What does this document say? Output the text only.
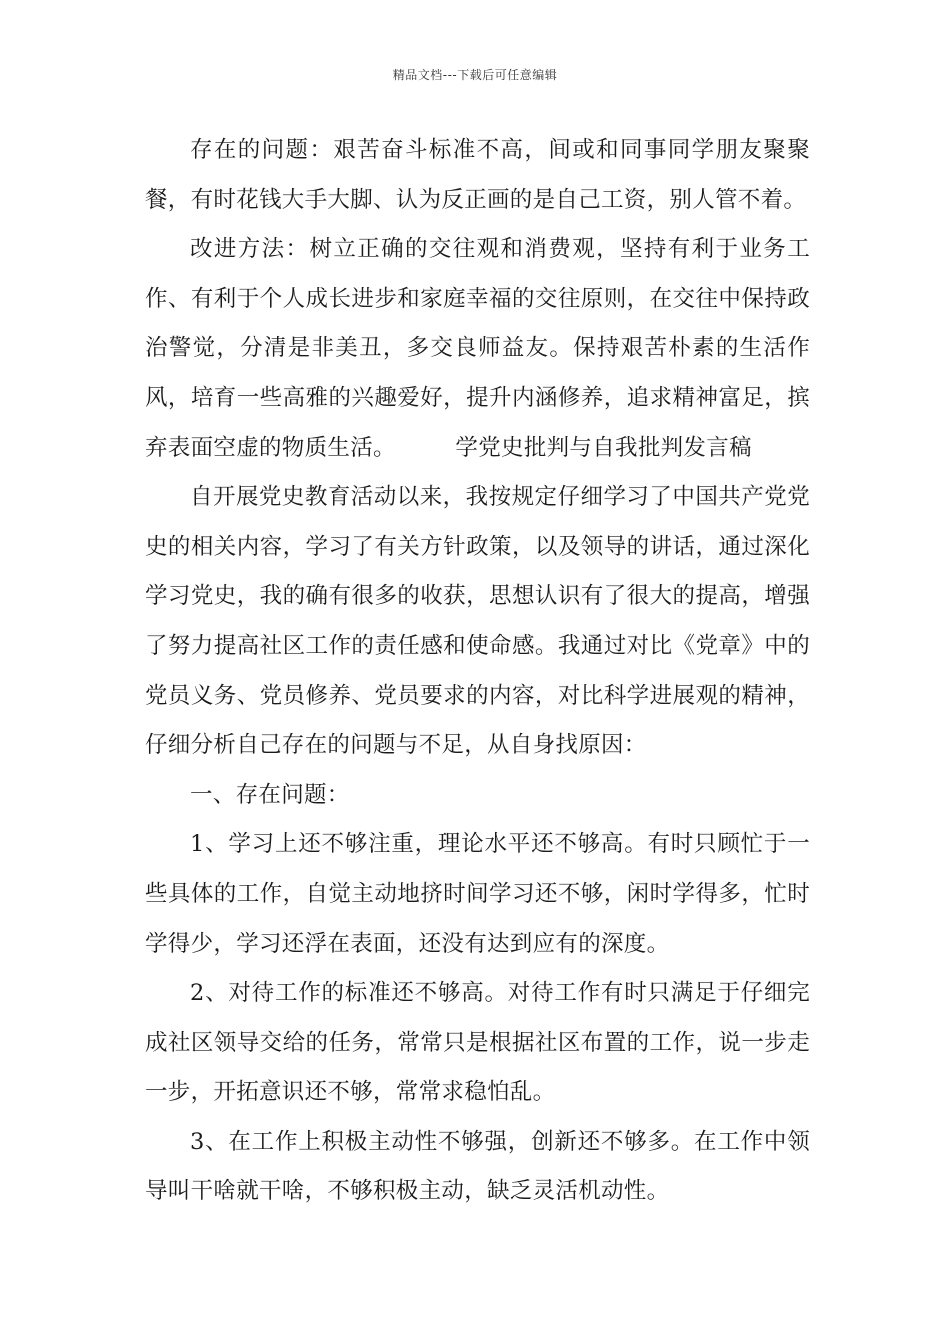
精品文档---下载后可任意编辑

存在的问题：艰苦奋斗标准不高，间或和同事同学朋友聚聚餐，有时花钱大手大脚、认为反正画的是自己工资，别人管不着。

改进方法：树立正确的交往观和消费观，坚持有利于业务工作、有利于个人成长进步和家庭幸福的交往原则，在交往中保持政治警觉，分清是非美丑，多交良师益友。保持艰苦朴素的生活作风，培育一些高雅的兴趣爱好，提升内涵修养，追求精神富足，摈弃表面空虚的物质生活。        学党史批判与自我批判发言稿

自开展党史教育活动以来，我按规定仔细学习了中国共产党党史的相关内容，学习了有关方针政策，以及领导的讲话，通过深化学习党史，我的确有很多的收获，思想认识有了很大的提高，增强了努力提高社区工作的责任感和使命感。我通过对比《党章》中的党员义务、党员修养、党员要求的内容，对比科学进展观的精神，仔细分析自己存在的问题与不足，从自身找原因：

一、存在问题：

1、学习上还不够注重，理论水平还不够高。有时只顾忙于一些具体的工作，自觉主动地挤时间学习还不够，闲时学得多，忙时学得少，学习还浮在表面，还没有达到应有的深度。

2、对待工作的标准还不够高。对待工作有时只满足于仔细完成社区领导交给的任务，常常只是根据社区布置的工作，说一步走一步，开拓意识还不够，常常求稳怕乱。

3、在工作上积极主动性不够强，创新还不够多。在工作中领导叫干啥就干啥，不够积极主动，缺乏灵活机动性。
